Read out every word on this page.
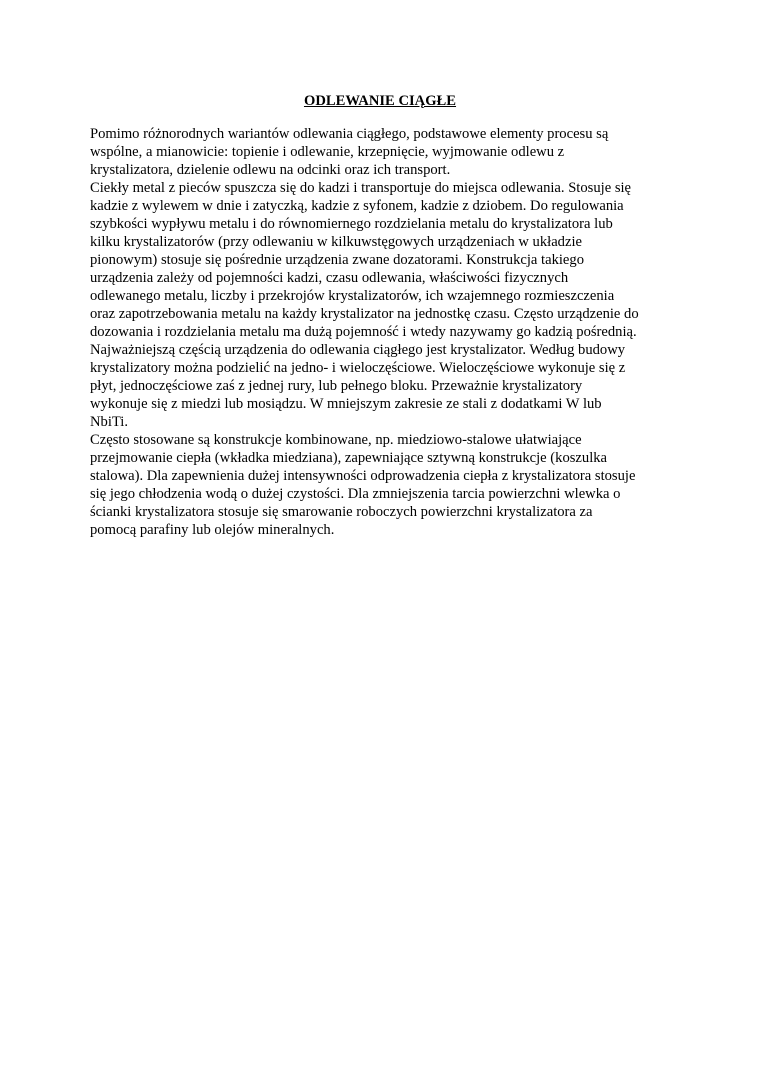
ODLEWANIE CIĄGŁE
Pomimo różnorodnych wariantów odlewania ciągłego, podstawowe elementy procesu są
wspólne, a mianowicie: topienie i odlewanie, krzepnięcie, wyjmowanie odlewu z
krystalizatora, dzielenie odlewu na odcinki oraz ich transport.
Ciekły metal z pieców spuszcza się do kadzi i transportuje do miejsca odlewania. Stosuje się
kadzie z wylewem w dnie i zatyczką, kadzie z syfonem, kadzie z dziobem. Do regulowania
szybkości wypływu metalu i do równomiernego rozdzielania metalu do krystalizatora lub
kilku krystalizatorów (przy odlewaniu w kilkuwstęgowych urządzeniach w układzie
pionowym) stosuje się pośrednie urządzenia zwane dozatorami. Konstrukcja takiego
urządzenia zależy od pojemności kadzi, czasu odlewania, właściwości fizycznych
odlewanego metalu, liczby i przekrojów krystalizatorów, ich wzajemnego rozmieszczenia
oraz zapotrzebowania metalu na każdy krystalizator na jednostkę czasu. Często urządzenie do
dozowania i rozdzielania metalu ma dużą pojemność i wtedy nazywamy go kadzią pośrednią.
Najważniejszą częścią urządzenia do odlewania ciągłego jest krystalizator. Według budowy
krystalizatory można podzielić na jedno- i wieloczęściowe. Wieloczęściowe wykonuje się z
płyt, jednoczęściowe zaś z jednej rury, lub pełnego bloku. Przeważnie krystalizatory
wykonuje się z miedzi lub mosiądzu. W mniejszym zakresie ze stali z dodatkami W lub
NbiTi.
Często stosowane są konstrukcje kombinowane, np. miedziowo-stalowe ułatwiające
przejmowanie ciepła (wkładka miedziana), zapewniające sztywną konstrukcje (koszulka
stalowa). Dla zapewnienia dużej intensywności odprowadzenia ciepła z krystalizatora stosuje
się jego chłodzenia wodą o dużej czystości. Dla zmniejszenia tarcia powierzchni wlewka o
ścianki krystalizatora stosuje się smarowanie roboczych powierzchni krystalizatora za
pomocą parafiny lub olejów mineralnych.
